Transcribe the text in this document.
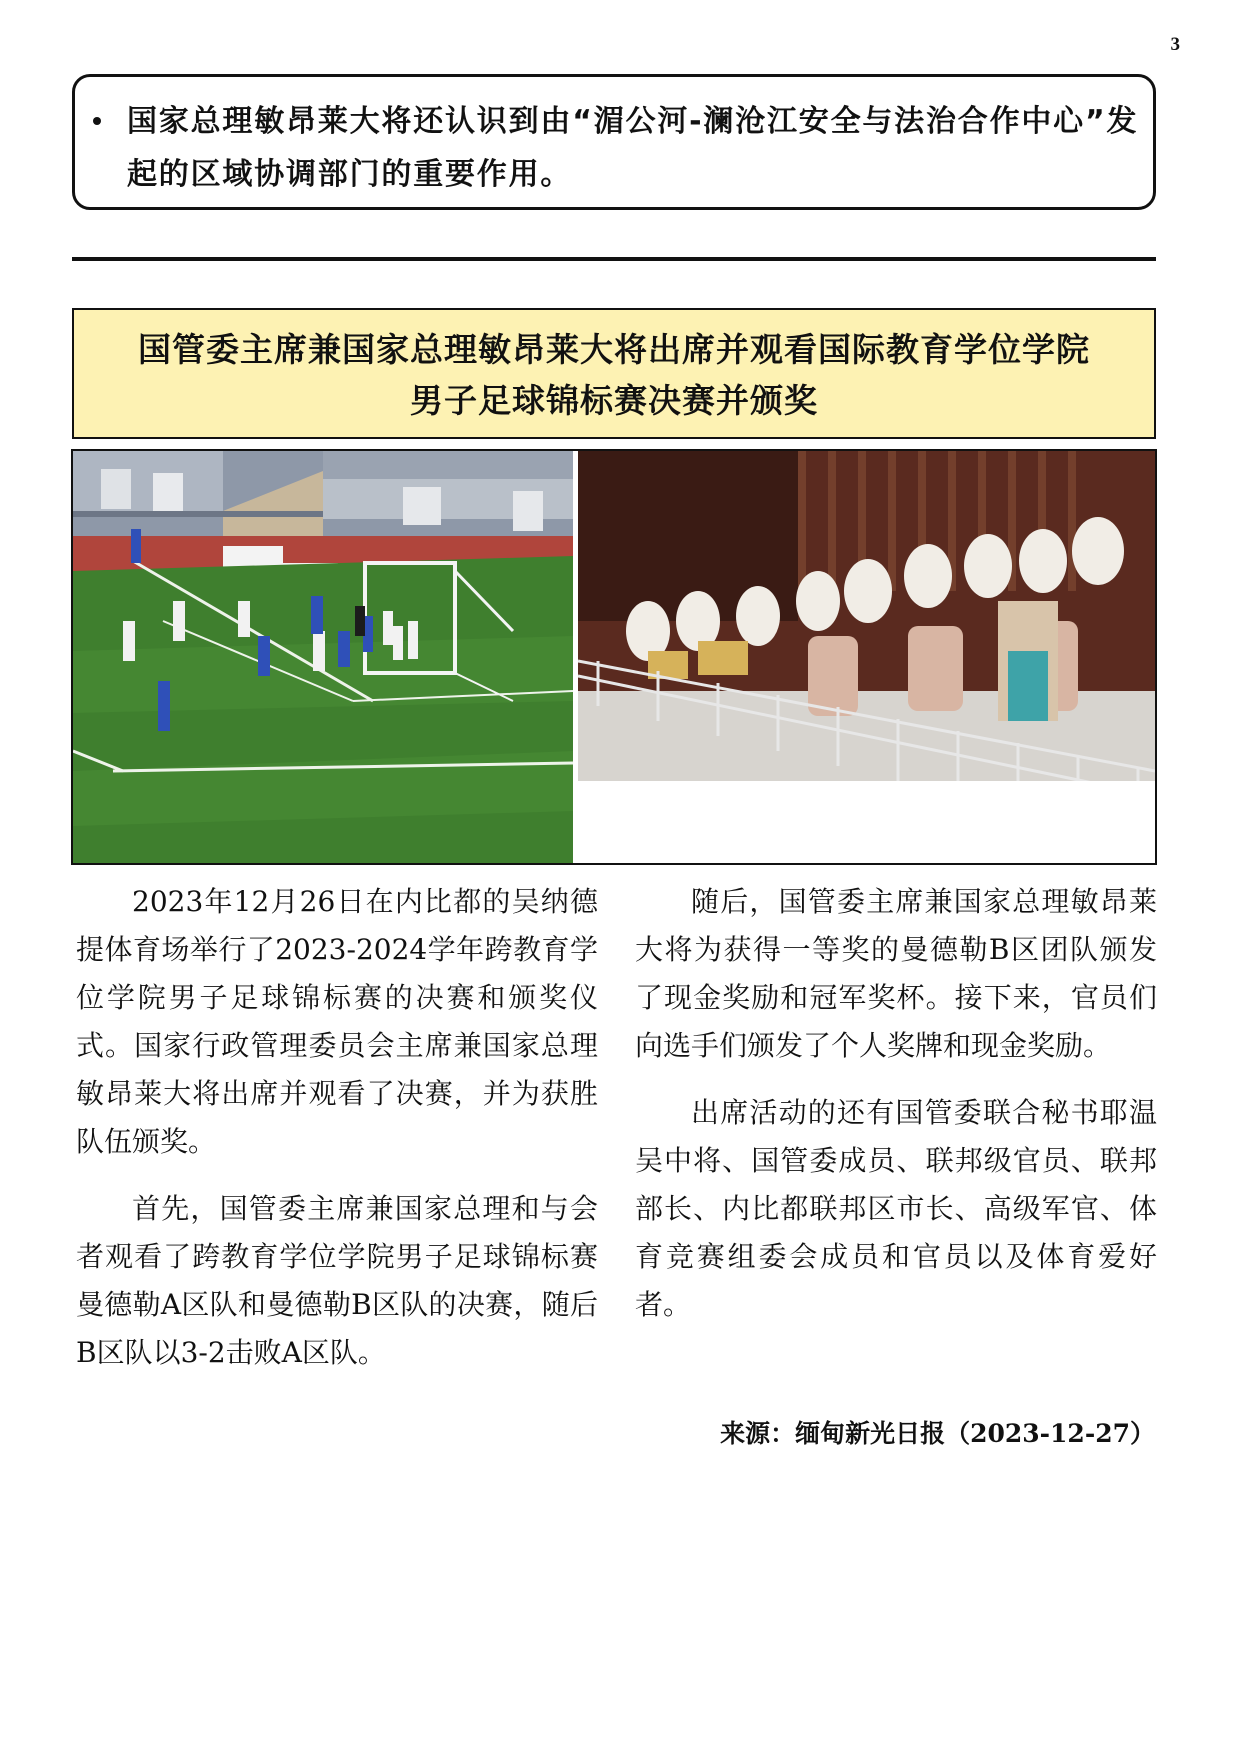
3
国家总理敏昂莱大将还认识到由“湄公河-澜沧江安全与法治合作中心”发起的区域协调部门的重要作用。
国管委主席兼国家总理敏昂莱大将出席并观看国际教育学位学院
男子足球锦标赛决赛并颁奖

2023年12月26日在内比都的吴纳德提体育场举行了2023-2024学年跨教育学位学院男子足球锦标赛的决赛和颁奖仪式。国家行政管理委员会主席兼国家总理敏昂莱大将出席并观看了决赛，并为获胜队伍颁奖。

首先，国管委主席兼国家总理和与会者观看了跨教育学位学院男子足球锦标赛曼德勒A区队和曼德勒B区队的决赛，随后B区队以3-2击败A区队。

随后，国管委主席兼国家总理敏昂莱大将为获得一等奖的曼德勒B区团队颁发了现金奖励和冠军奖杯。接下来，官员们向选手们颁发了个人奖牌和现金奖励。

出席活动的还有国管委联合秘书耶温吴中将、国管委成员、联邦级官员、联邦部长、内比都联邦区市长、高级军官、体育竞赛组委会成员和官员以及体育爱好者。

来源：缅甸新光日报（2023-12-27）
